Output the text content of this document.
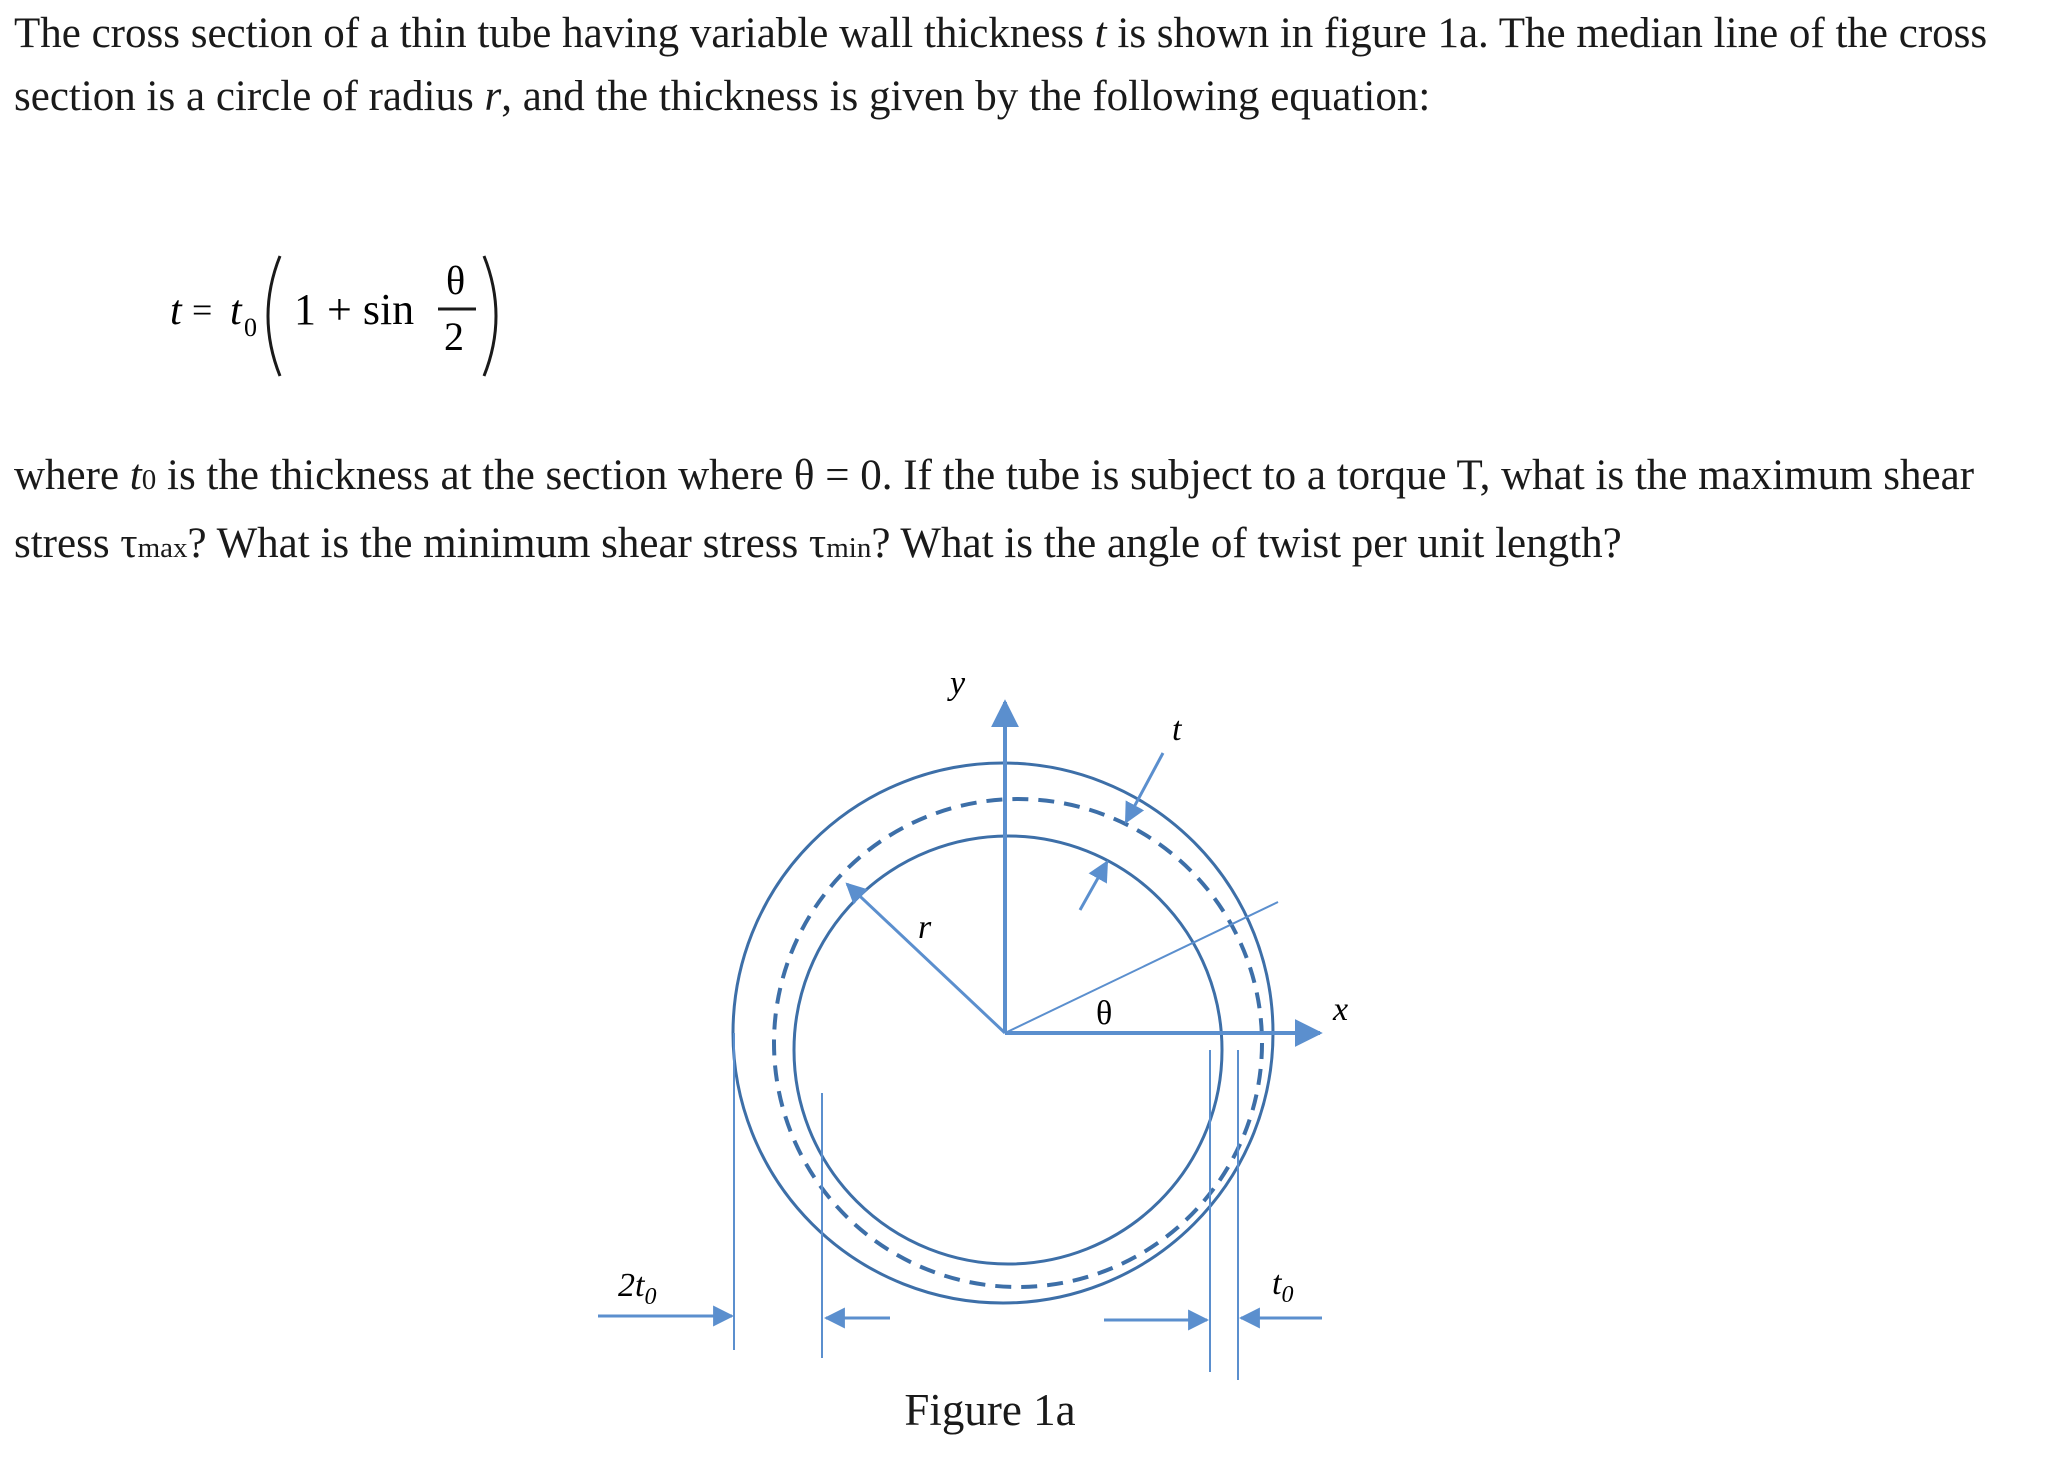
The cross section of a thin tube having variable wall thickness t is shown in figure 1a. The median line of the cross section is a circle of radius r, and the thickness is given by the following equation:

t = t 0 1 + sin
θ
2

where t0 is the thickness at the section where θ = 0. If the tube is subject to a torque T, what is the maximum shear stress τmax? What is the minimum shear stress τmin? What is the angle of twist per unit length?

y
x
θ
r
t
$2t_0$	$t_0$

Figure 1a
